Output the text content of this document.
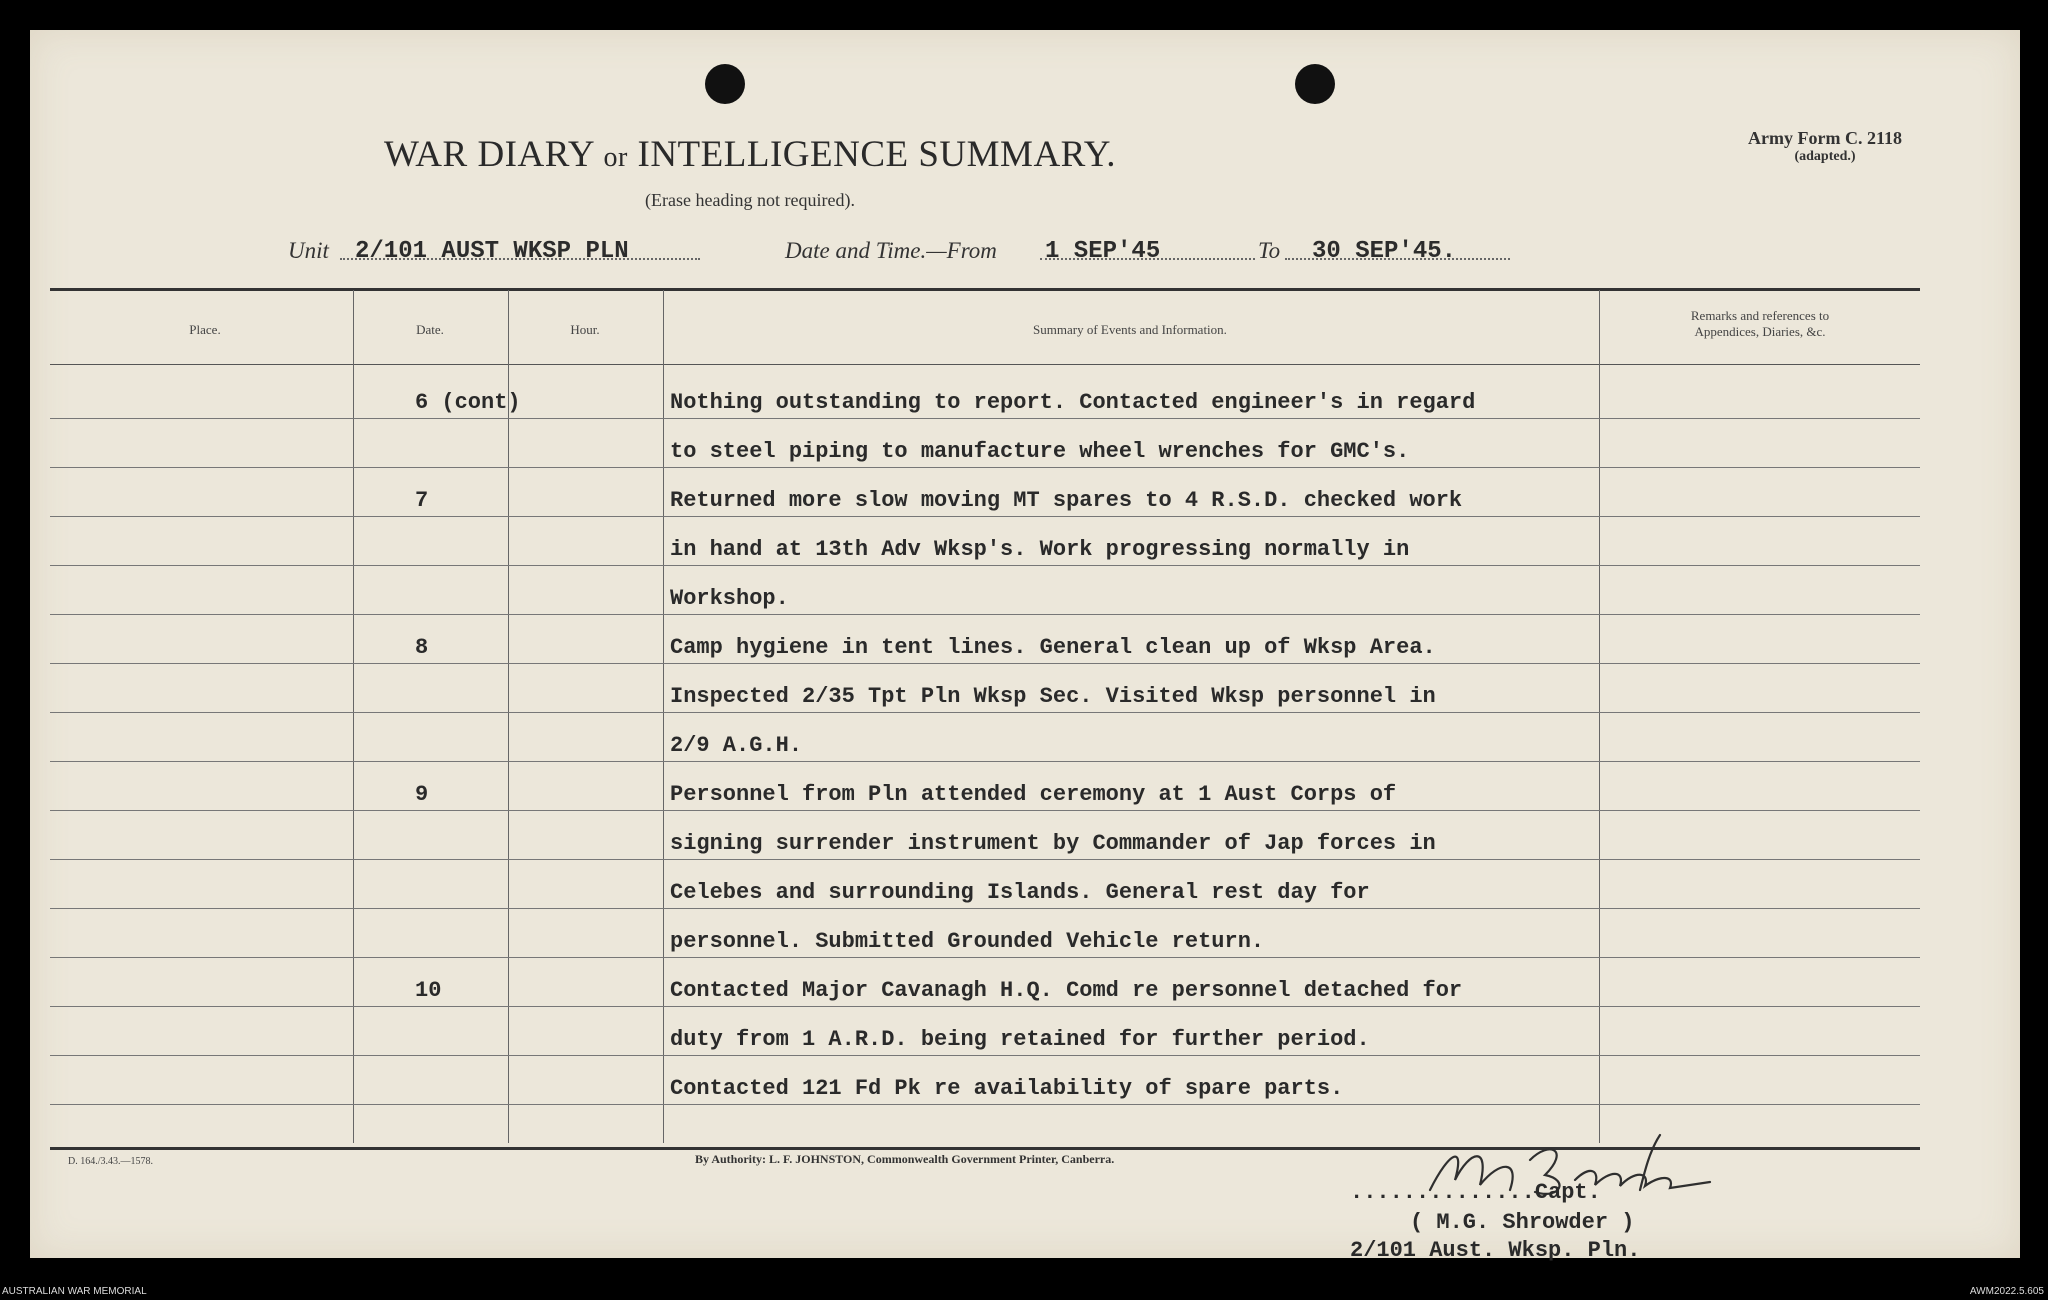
WAR DIARY or INTELLIGENCE SUMMARY.
(Erase heading not required).
Army Form C. 2118
(adapted.)
Unit 2/101 AUST WKSP PLN	Date and Time.—From 1 SEP'45	To 30 SEP'45.
Place.	Date.	Hour.	Summary of Events and Information.
Remarks and references to
Appendices, Diaries, &c.
6 (cont)	Nothing outstanding to report. Contacted engineer's in regard
to steel piping to manufacture wheel wrenches for GMC's.
7	Returned more slow moving MT spares to 4 R.S.D. checked work
in hand at 13th Adv Wksp's. Work progressing normally in
Workshop.
8	Camp hygiene in tent lines. General clean up of Wksp Area.
Inspected 2/35 Tpt Pln Wksp Sec. Visited Wksp personnel in
2/9 A.G.H.
9	Personnel from Pln attended ceremony at 1 Aust Corps of
signing surrender instrument by Commander of Jap forces in
Celebes and surrounding Islands. General rest day for
personnel. Submitted Grounded Vehicle return.
10	Contacted Major Cavanagh H.Q. Comd re personnel detached for
duty from 1 A.R.D. being retained for further period.
Contacted 121 Fd Pk re availability of spare parts.
D. 164./3.43.—1578.	By Authority: L. F. JOHNSTON, Commonwealth Government Printer, Canberra.
..............Capt.
( M.G. Shrowder )
2/101 Aust. Wksp. Pln.
AUSTRALIAN WAR MEMORIAL	AWM2022.5.605
